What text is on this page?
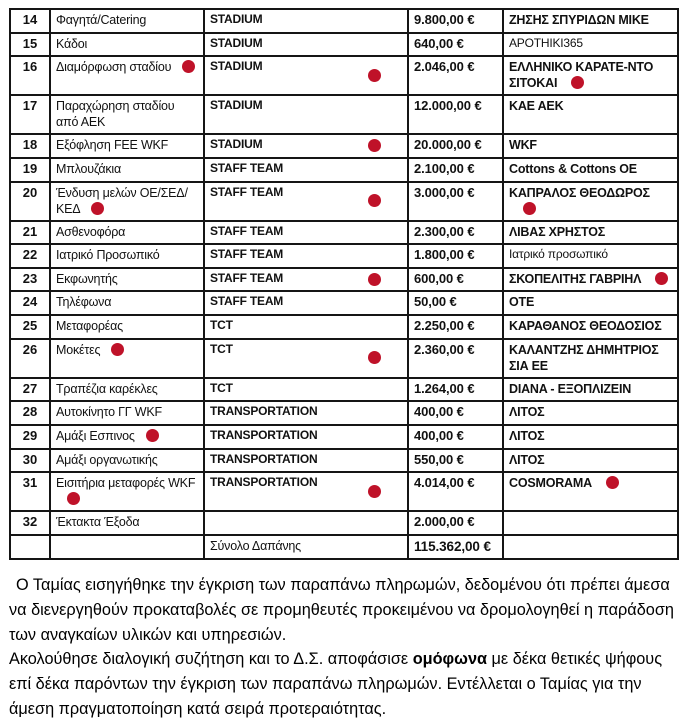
14	Φαγητά/Catering	STADIUM	9.800,00 €	ΖΗΣΗΣ ΣΠΥΡΙΔΩΝ ΜΙΚΕ
15	Κάδοι	STADIUM	640,00 €	APOTHIKI365
16	Διαμόρφωση σταδίου	STADIUM	2.046,00 €	ΕΛΛΗΝΙΚΟ ΚΑΡΑΤΕ-ΝΤΟ ΣΙΤΟΚΑΙ
17	Παραχώρηση σταδίου από ΑΕΚ	STADIUM	12.000,00 €	ΚΑΕ ΑΕΚ
18	Εξόφληση FEE WKF	STADIUM	20.000,00 €	WKF
19	Μπλουζάκια	STAFF TEAM	2.100,00 €	Cottons & Cottons ΟΕ
20	Ένδυση μελών ΟΕ/ΣΕΔ/ΚΕΔ	STAFF TEAM	3.000,00 €	ΚΑΠΡΑΛΟΣ ΘΕΟΔΩΡΟΣ
21	Ασθενοφόρα	STAFF TEAM	2.300,00 €	ΛΙΒΑΣ ΧΡΗΣΤΟΣ
22	Ιατρικό Προσωπικό	STAFF TEAM	1.800,00 €	Ιατρικό προσωπικό
23	Εκφωνητής	STAFF TEAM	600,00 €	ΣΚΟΠΕΛΙΤΗΣ ΓΑΒΡΙΗΛ
24	Τηλέφωνα	STAFF TEAM	50,00 €	ΟΤΕ
25	Μεταφορέας	TCT	2.250,00 €	ΚΑΡΑΘΑΝΟΣ ΘΕΟΔΟΣΙΟΣ
26	Μοκέτες	TCT	2.360,00 €	ΚΑΛΑΝΤΖΗΣ ΔΗΜΗΤΡΙΟΣ ΣΙΑ ΕΕ
27	Τραπέζια καρέκλες	TCT	1.264,00 €	DIANA - ΕΞΟΠΛΙΖΕΙΝ
28	Αυτοκίνητο ΓΓ WKF	TRANSPORTATION	400,00 €	ΛΙΤΟΣ
29	Αμάξι Εσπινος	TRANSPORTATION	400,00 €	ΛΙΤΟΣ
30	Αμάξι οργανωτικής	TRANSPORTATION	550,00 €	ΛΙΤΟΣ
31	Εισιτήρια μεταφορές WKF	TRANSPORTATION	4.014,00 €	COSMORAMA
32	Έκτακτα Έξοδα		2.000,00 €	
		Σύνολο Δαπάνης	115.362,00 €	

Ο Ταμίας εισηγήθηκε την έγκριση των παραπάνω πληρωμών, δεδομένου ότι πρέπει άμεσα να διενεργηθούν προκαταβολές σε προμηθευτές προκειμένου να δρομολογηθεί η παράδοση των αναγκαίων υλικών και υπηρεσιών.

Ακολούθησε διαλογική συζήτηση και το Δ.Σ. αποφάσισε ομόφωνα με δέκα θετικές ψήφους επί δέκα παρόντων την έγκριση των παραπάνω πληρωμών. Εντέλλεται ο Ταμίας για την άμεση πραγματοποίηση κατά σειρά προτεραιότητας.
